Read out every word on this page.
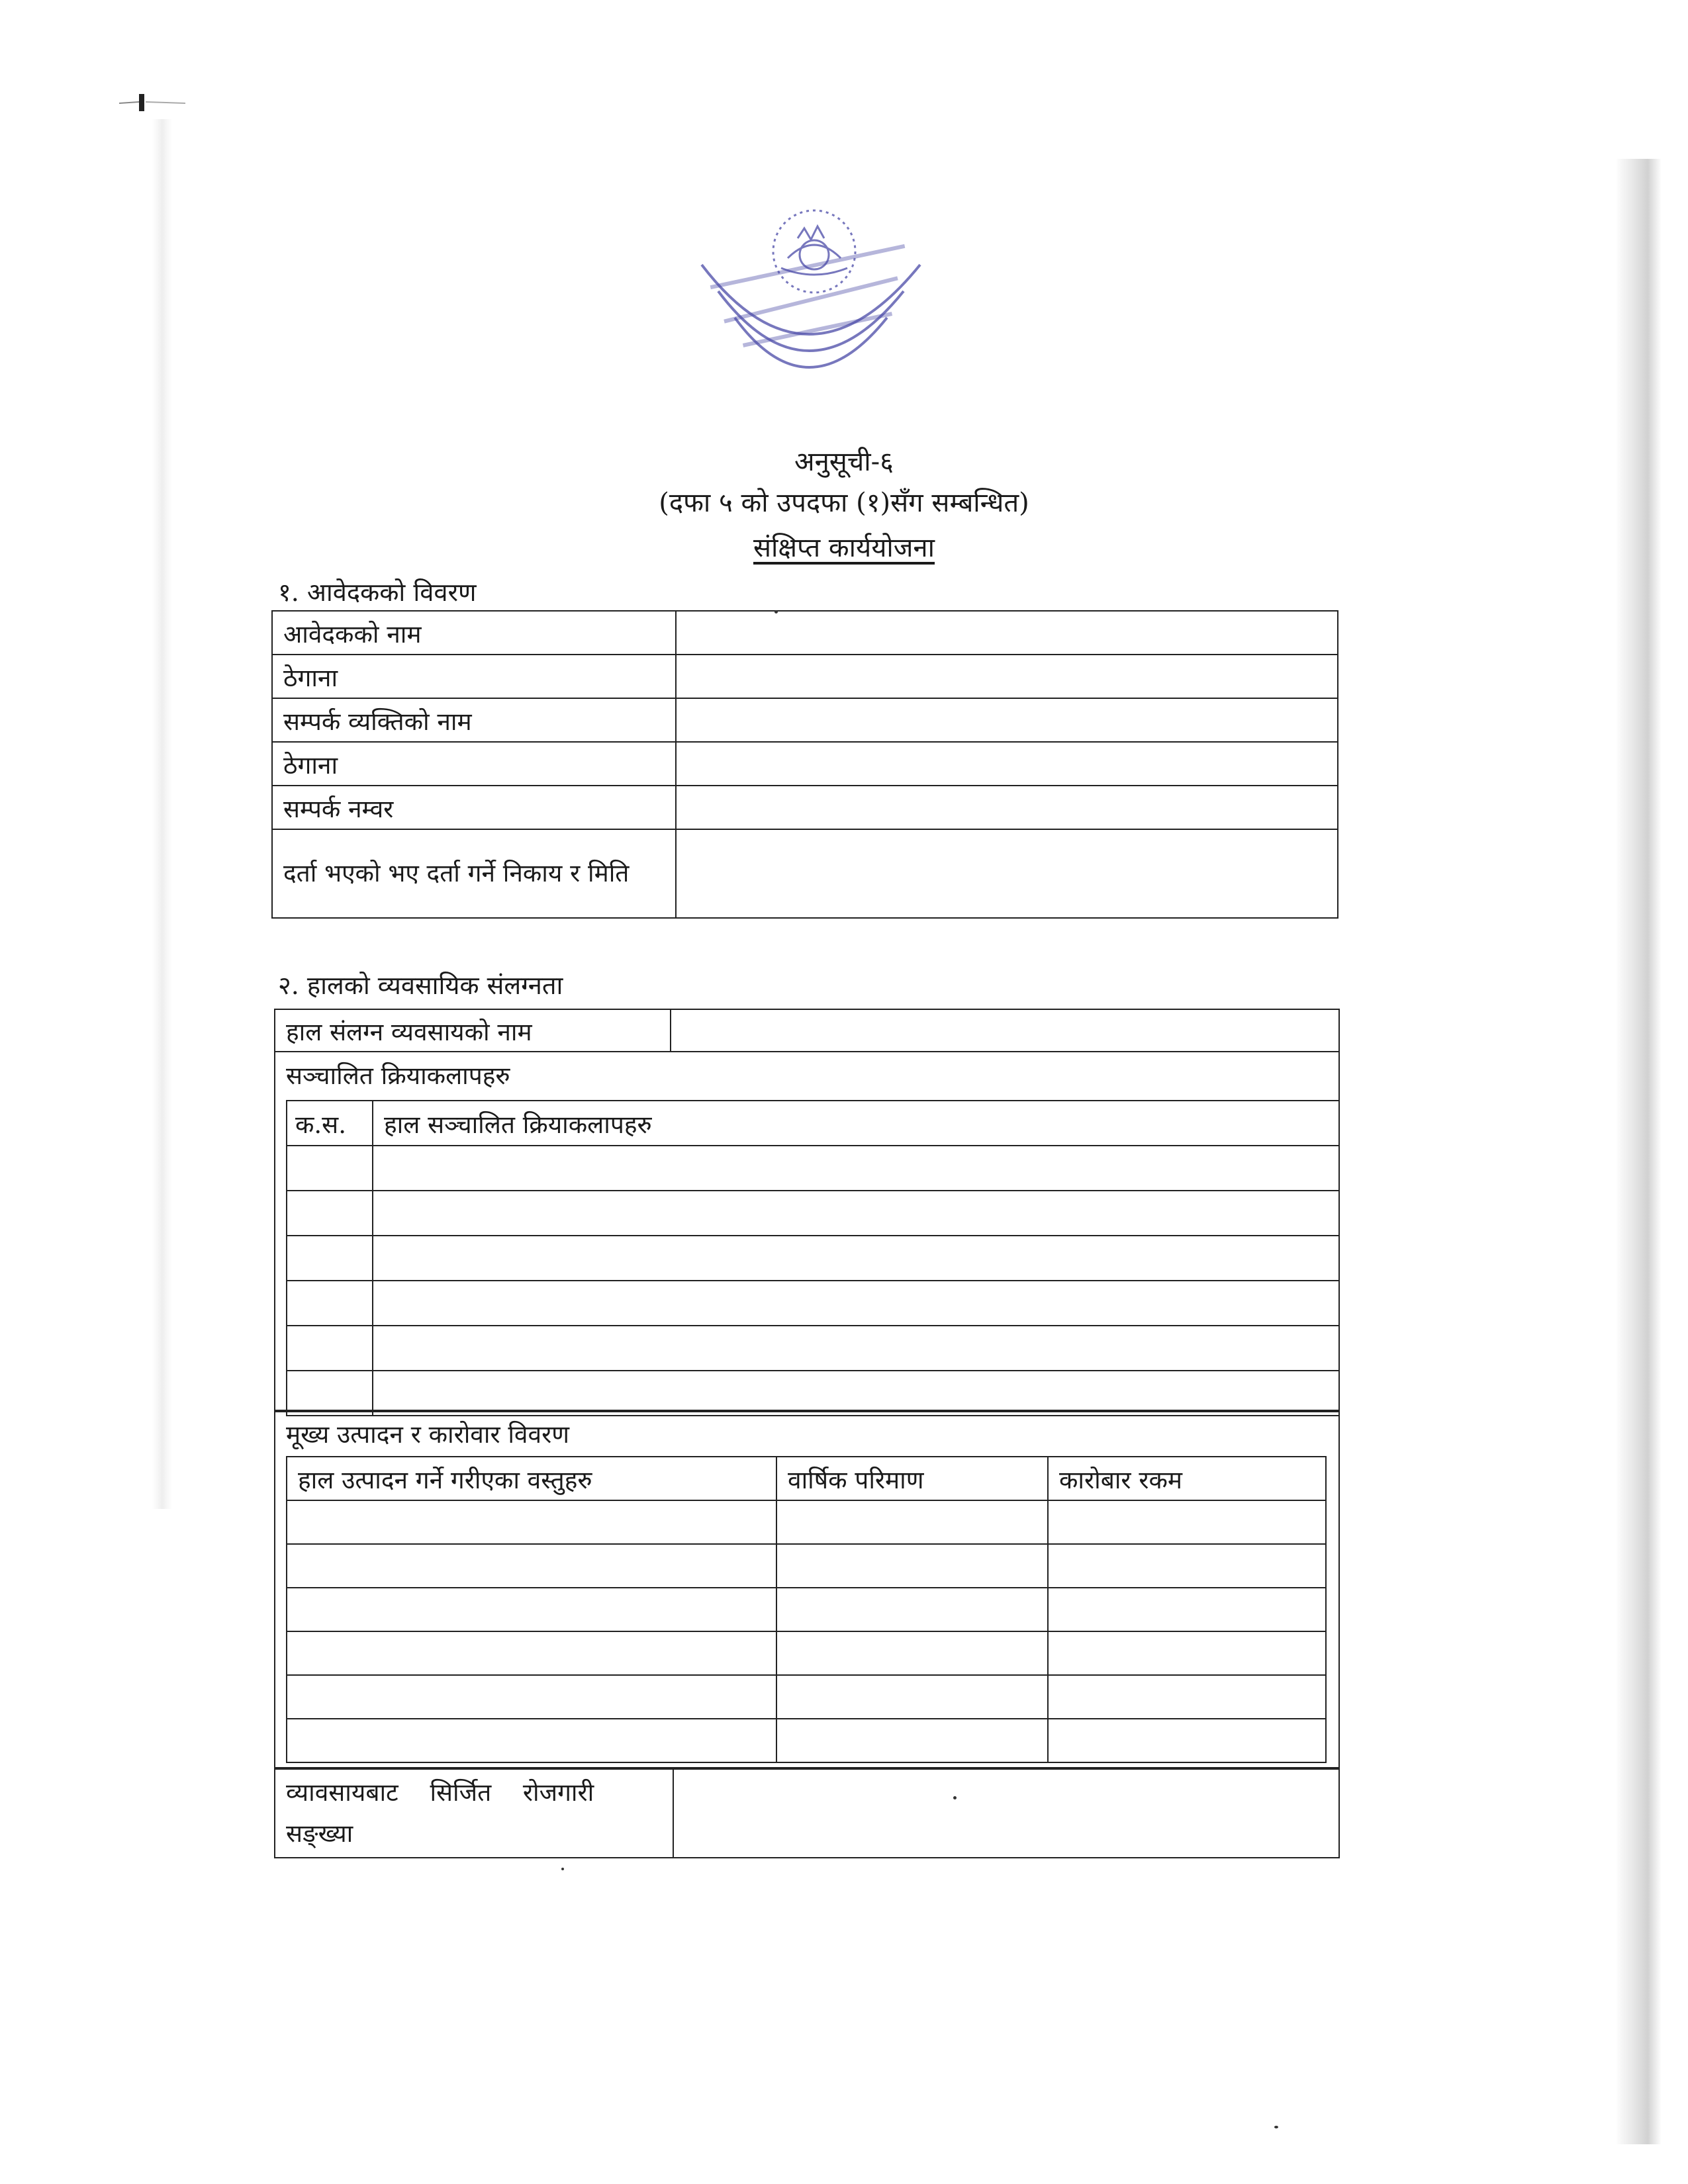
अनुसूची-६
(दफा ५ को उपदफा (१)सँग सम्बन्धित)
संक्षिप्त कार्ययोजना
१. आवेदकको विवरण
आवेदकको नाम	
ठेगाना	
सम्पर्क व्यक्तिको नाम	
ठेगाना	
सम्पर्क नम्वर	
दर्ता भएको भए दर्ता गर्ने निकाय र मिति	
२. हालको व्यवसायिक संलग्नता
हाल संलग्न व्यवसायको नाम	
सञ्चालित क्रियाकलापहरु
क.स.	हाल सञ्चालित क्रियाकलापहरु

मूख्य उत्पादन र कारोवार विवरण
हाल उत्पादन गर्ने गरीएका वस्तुहरु	वार्षिक परिमाण	कारोबार रकम

व्यावसायबाट सिर्जित रोजगारी सङ्ख्या	
